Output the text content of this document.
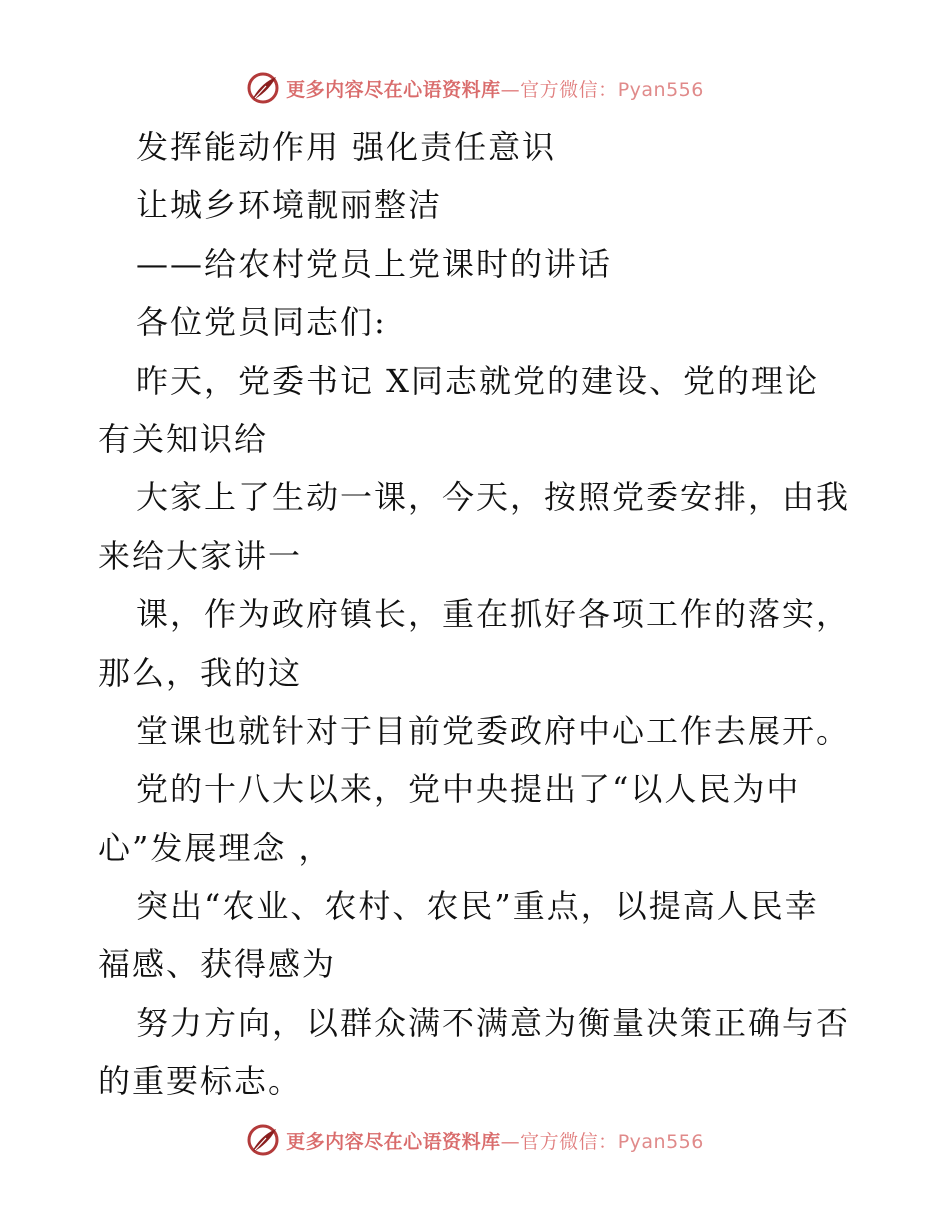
更多内容尽在心语资料库—官方微信：Pyan556
发挥能动作用 强化责任意识
让城乡环境靓丽整洁
——给农村党员上党课时的讲话
各位党员同志们:
昨天，党委书记 X同志就党的建设、党的理论
有关知识给
大家上了生动一课，今天，按照党委安排，由我
来给大家讲一
课，作为政府镇长，重在抓好各项工作的落实，
那么，我的这
堂课也就针对于目前党委政府中心工作去展开。
党的十八大以来，党中央提出了“以人民为中
心”发展理念 ，
突出“农业、农村、农民”重点，以提高人民幸
福感、获得感为
努力方向，以群众满不满意为衡量决策正确与否
的重要标志。
更多内容尽在心语资料库—官方微信：Pyan556
